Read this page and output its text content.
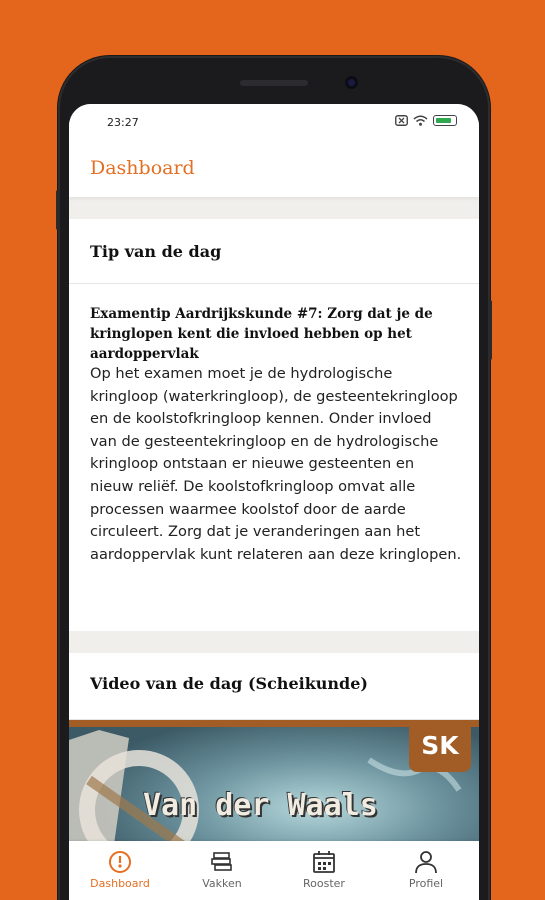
23:27
Dashboard
Tip van de dag
Examentip Aardrijkskunde #7: Zorg dat je de kringlopen kent die invloed hebben op het aardoppervlak
Op het examen moet je de hydrologische kringloop (waterkringloop), de gesteentekringloop en de koolstofkringloop kennen. Onder invloed van de gesteentekringloop en de hydrologische kringloop ontstaan er nieuwe gesteenten en nieuw reliëf. De koolstofkringloop omvat alle processen waarmee koolstof door de aarde circuleert. Zorg dat je veranderingen aan het aardoppervlak kunt relateren aan deze kringlopen.
Video van de dag (Scheikunde)
SK
Van der Waals
Dashboard	Vakken	Rooster	Profiel
